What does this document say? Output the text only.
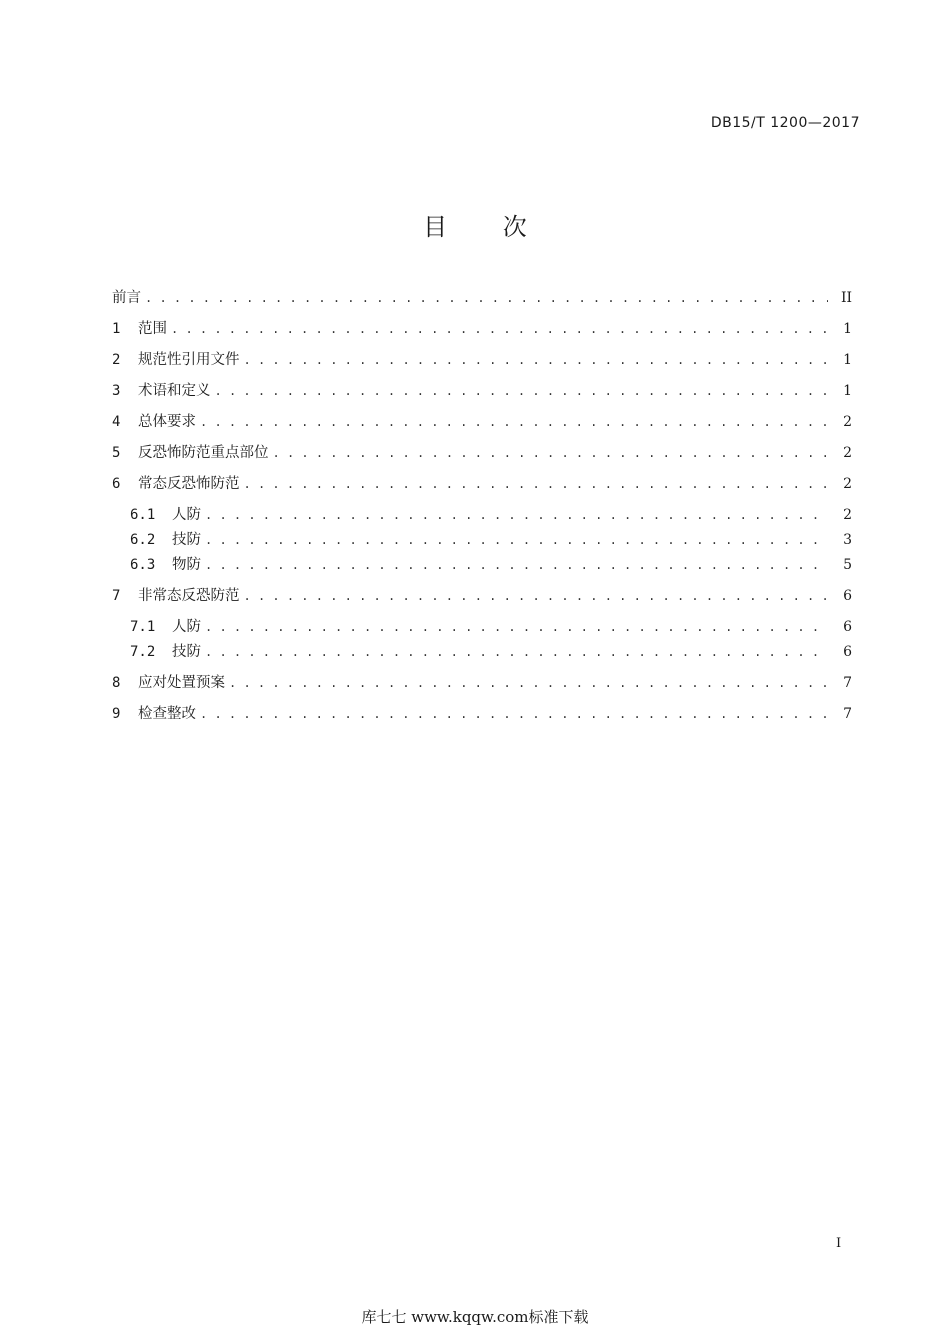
DB15/T 1200—2017
目 次
前言 . . .	II
1	范围 . . .	1
2	规范性引用文件 . . .	1
3	术语和定义 . . .	1
4	总体要求 . . .	2
5	反恐怖防范重点部位 . . .	2
6	常态反恐怖防范 . . .	2
6.1	人防 . . .	2
6.2	技防 . . .	3
6.3	物防 . . .	5
7	非常态反恐防范 . . .	6
7.1	人防 . . .	6
7.2	技防 . . .	6
8	应对处置预案 . . .	7
9	检查整改 . . .	7
I
库七七 www.kqqw.com标准下载
